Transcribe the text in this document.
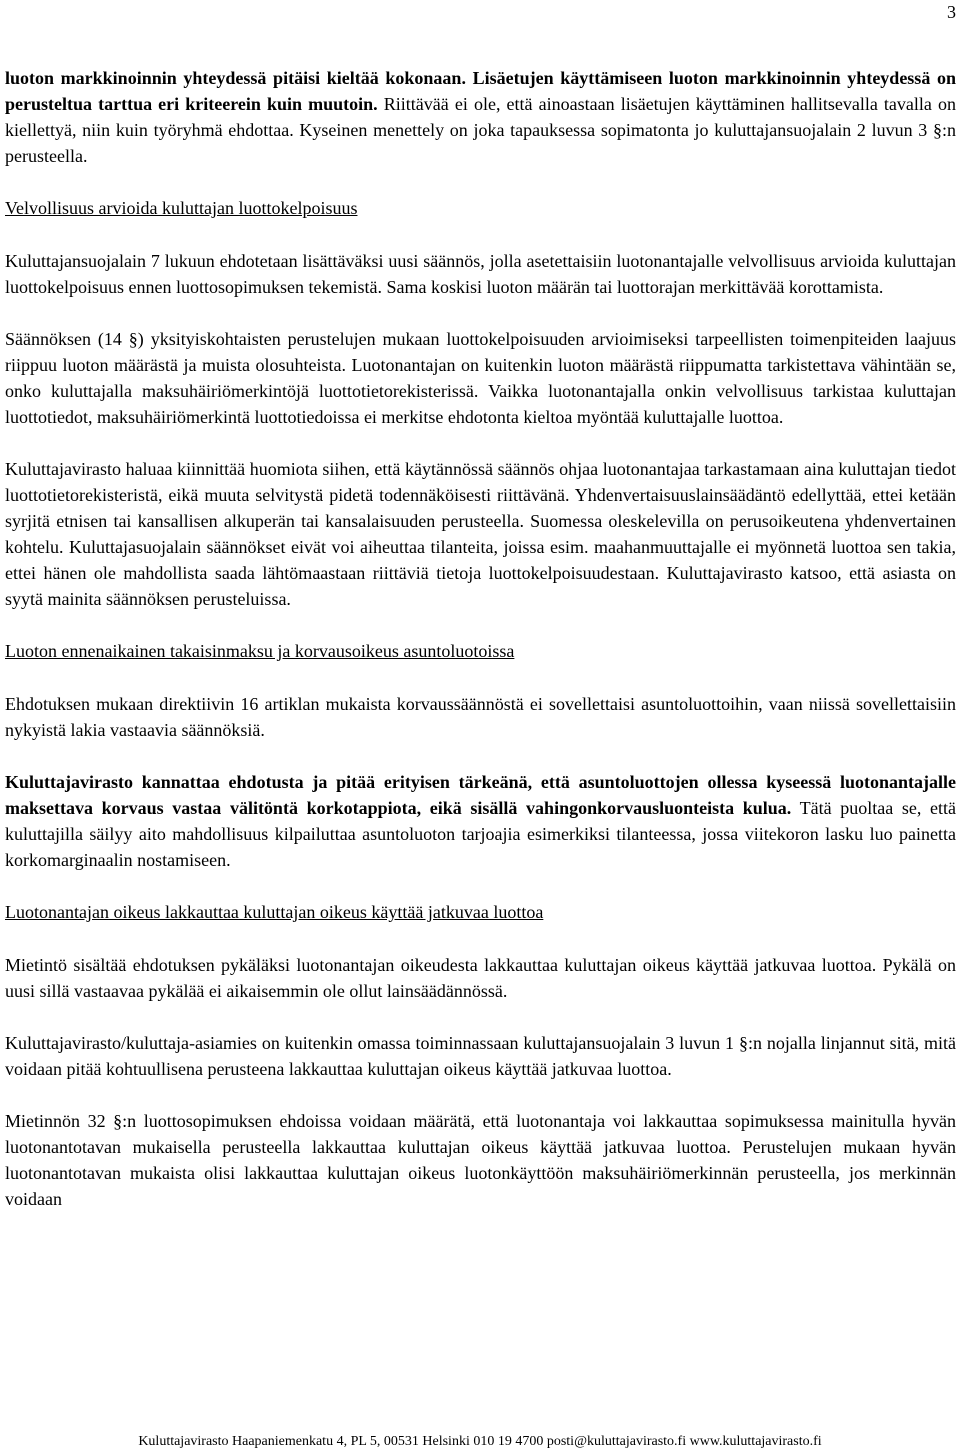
3

luoton markkinoinnin yhteydessä pitäisi kieltää kokonaan. Lisäetujen käyttämiseen luoton markkinoinnin yhteydessä on perusteltua tarttua eri kriteerein kuin muutoin. Riittävää ei ole, että ainoastaan lisäetujen käyttäminen hallitsevalla tavalla on kiellettyä, niin kuin työryhmä ehdottaa. Kyseinen menettely on joka tapauksessa sopimatonta jo kuluttajansuojalain 2 luvun 3 §:n perusteella.

Velvollisuus arvioida kuluttajan luottokelpoisuus

Kuluttajansuojalain 7 lukuun ehdotetaan lisättäväksi uusi säännös, jolla asetettaisiin luotonantajalle velvollisuus arvioida kuluttajan luottokelpoisuus ennen luottosopimuksen tekemistä. Sama koskisi luoton määrän tai luottorajan merkittävää korottamista.

Säännöksen (14 §) yksityiskohtaisten perustelujen mukaan luottokelpoisuuden arvioimiseksi tarpeellisten toimenpiteiden laajuus riippuu luoton määrästä ja muista olosuhteista. Luotonantajan on kuitenkin luoton määrästä riippumatta tarkistettava vähintään se, onko kuluttajalla maksuhäiriömerkintöjä luottotietorekisterissä. Vaikka luotonantajalla onkin velvollisuus tarkistaa kuluttajan luottotiedot, maksuhäiriömerkintä luottotiedoissa ei merkitse ehdotonta kieltoa myöntää kuluttajalle luottoa.

Kuluttajavirasto haluaa kiinnittää huomiota siihen, että käytännössä säännös ohjaa luotonantajaa tarkastamaan aina kuluttajan tiedot luottotietorekisteristä, eikä muuta selvitystä pidetä todennäköisesti riittävänä. Yhdenvertaisuuslainsäädäntö edellyttää, ettei ketään syrjitä etnisen tai kansallisen alkuperän tai kansalaisuuden perusteella. Suomessa oleskelevilla on perusoikeutena yhdenvertainen kohtelu. Kuluttajasuojalain säännökset eivät voi aiheuttaa tilanteita, joissa esim. maahanmuuttajalle ei myönnetä luottoa sen takia, ettei hänen ole mahdollista saada lähtömaastaan riittäviä tietoja luottokelpoisuudestaan. Kuluttajavirasto katsoo, että asiasta on syytä mainita säännöksen perusteluissa.

Luoton ennenaikainen takaisinmaksu ja korvausoikeus asuntoluotoissa

Ehdotuksen mukaan direktiivin 16 artiklan mukaista korvaussäännöstä ei sovellettaisi asuntoluottoihin, vaan niissä sovellettaisiin nykyistä lakia vastaavia säännöksiä.

Kuluttajavirasto kannattaa ehdotusta ja pitää erityisen tärkeänä, että asuntoluottojen ollessa kyseessä luotonantajalle maksettava korvaus vastaa välitöntä korkotappiota, eikä sisällä vahingonkorvausluonteista kulua. Tätä puoltaa se, että kuluttajilla säilyy aito mahdollisuus kilpailuttaa asuntoluoton tarjoajia esimerkiksi tilanteessa, jossa viitekoron lasku luo painetta korkomarginaalin nostamiseen.

Luotonantajan oikeus lakkauttaa kuluttajan oikeus käyttää jatkuvaa luottoa

Mietintö sisältää ehdotuksen pykäläksi luotonantajan oikeudesta lakkauttaa kuluttajan oikeus käyttää jatkuvaa luottoa. Pykälä on uusi sillä vastaavaa pykälää ei aikaisemmin ole ollut lainsäädännössä.

Kuluttajavirasto/kuluttaja-asiamies on kuitenkin omassa toiminnassaan kuluttajansuojalain 3 luvun 1 §:n nojalla linjannut sitä, mitä voidaan pitää kohtuullisena perusteena lakkauttaa kuluttajan oikeus käyttää jatkuvaa luottoa.

Mietinnön 32 §:n luottosopimuksen ehdoissa voidaan määrätä, että luotonantaja voi lakkauttaa sopimuksessa mainitulla hyvän luotonantotavan mukaisella perusteella lakkauttaa kuluttajan oikeus käyttää jatkuvaa luottoa. Perustelujen mukaan hyvän luotonantotavan mukaista olisi lakkauttaa kuluttajan oikeus luotonkäyttöön maksuhäiriömerkinnän perusteella, jos merkinnän voidaan

Kuluttajavirasto Haapaniemenkatu 4, PL 5, 00531 Helsinki 010 19 4700 posti@kuluttajavirasto.fi www.kuluttajavirasto.fi
